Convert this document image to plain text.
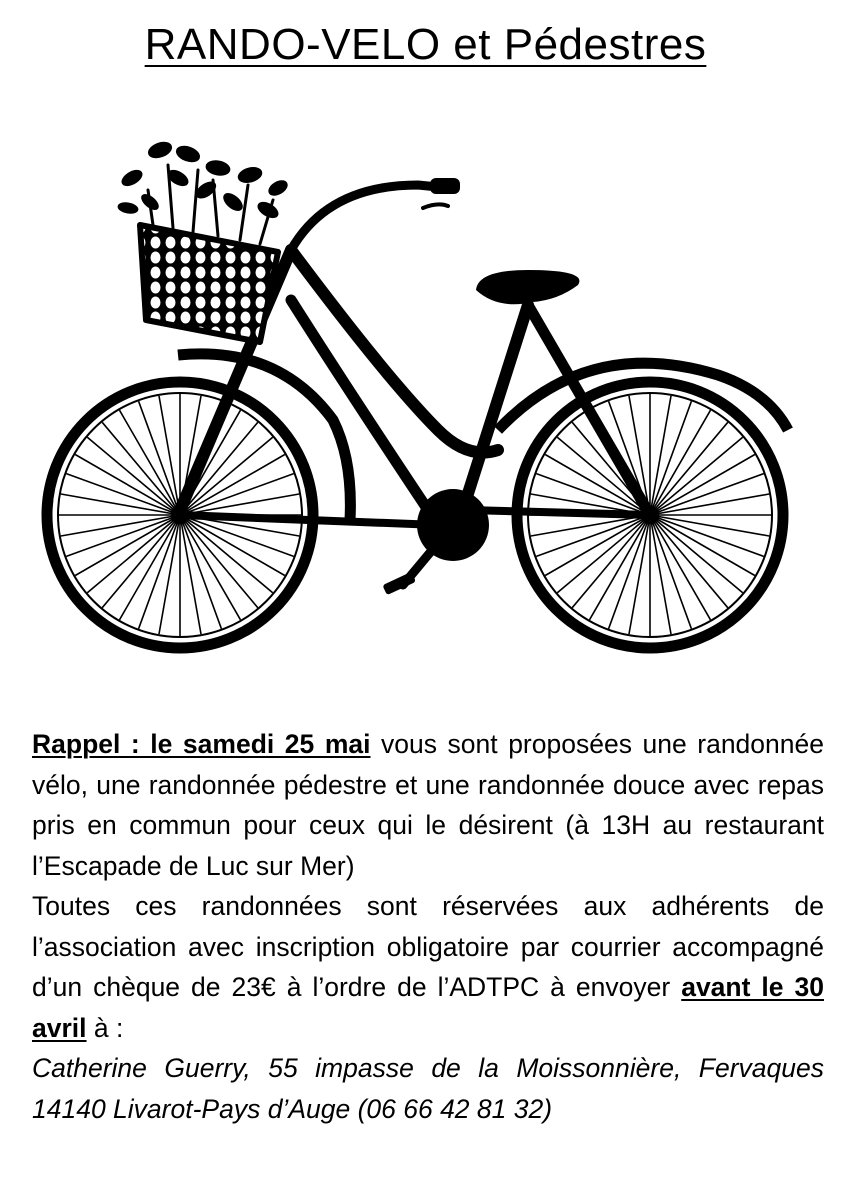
RANDO-VELO et Pédestres

Rappel : le samedi 25 mai vous sont proposées une randonnée vélo, une randonnée pédestre et une randonnée douce avec repas pris en commun pour ceux qui le désirent (à 13H au restaurant l’Escapade de Luc sur Mer)

Toutes ces randonnées sont réservées aux adhérents de l’association avec inscription obligatoire par courrier accompagné d’un chèque de 23€ à l’ordre de l’ADTPC à envoyer avant le 30 avril à :

Catherine Guerry, 55 impasse de la Moissonnière, Fervaques 14140 Livarot-Pays d’Auge (06 66 42 81 32)
